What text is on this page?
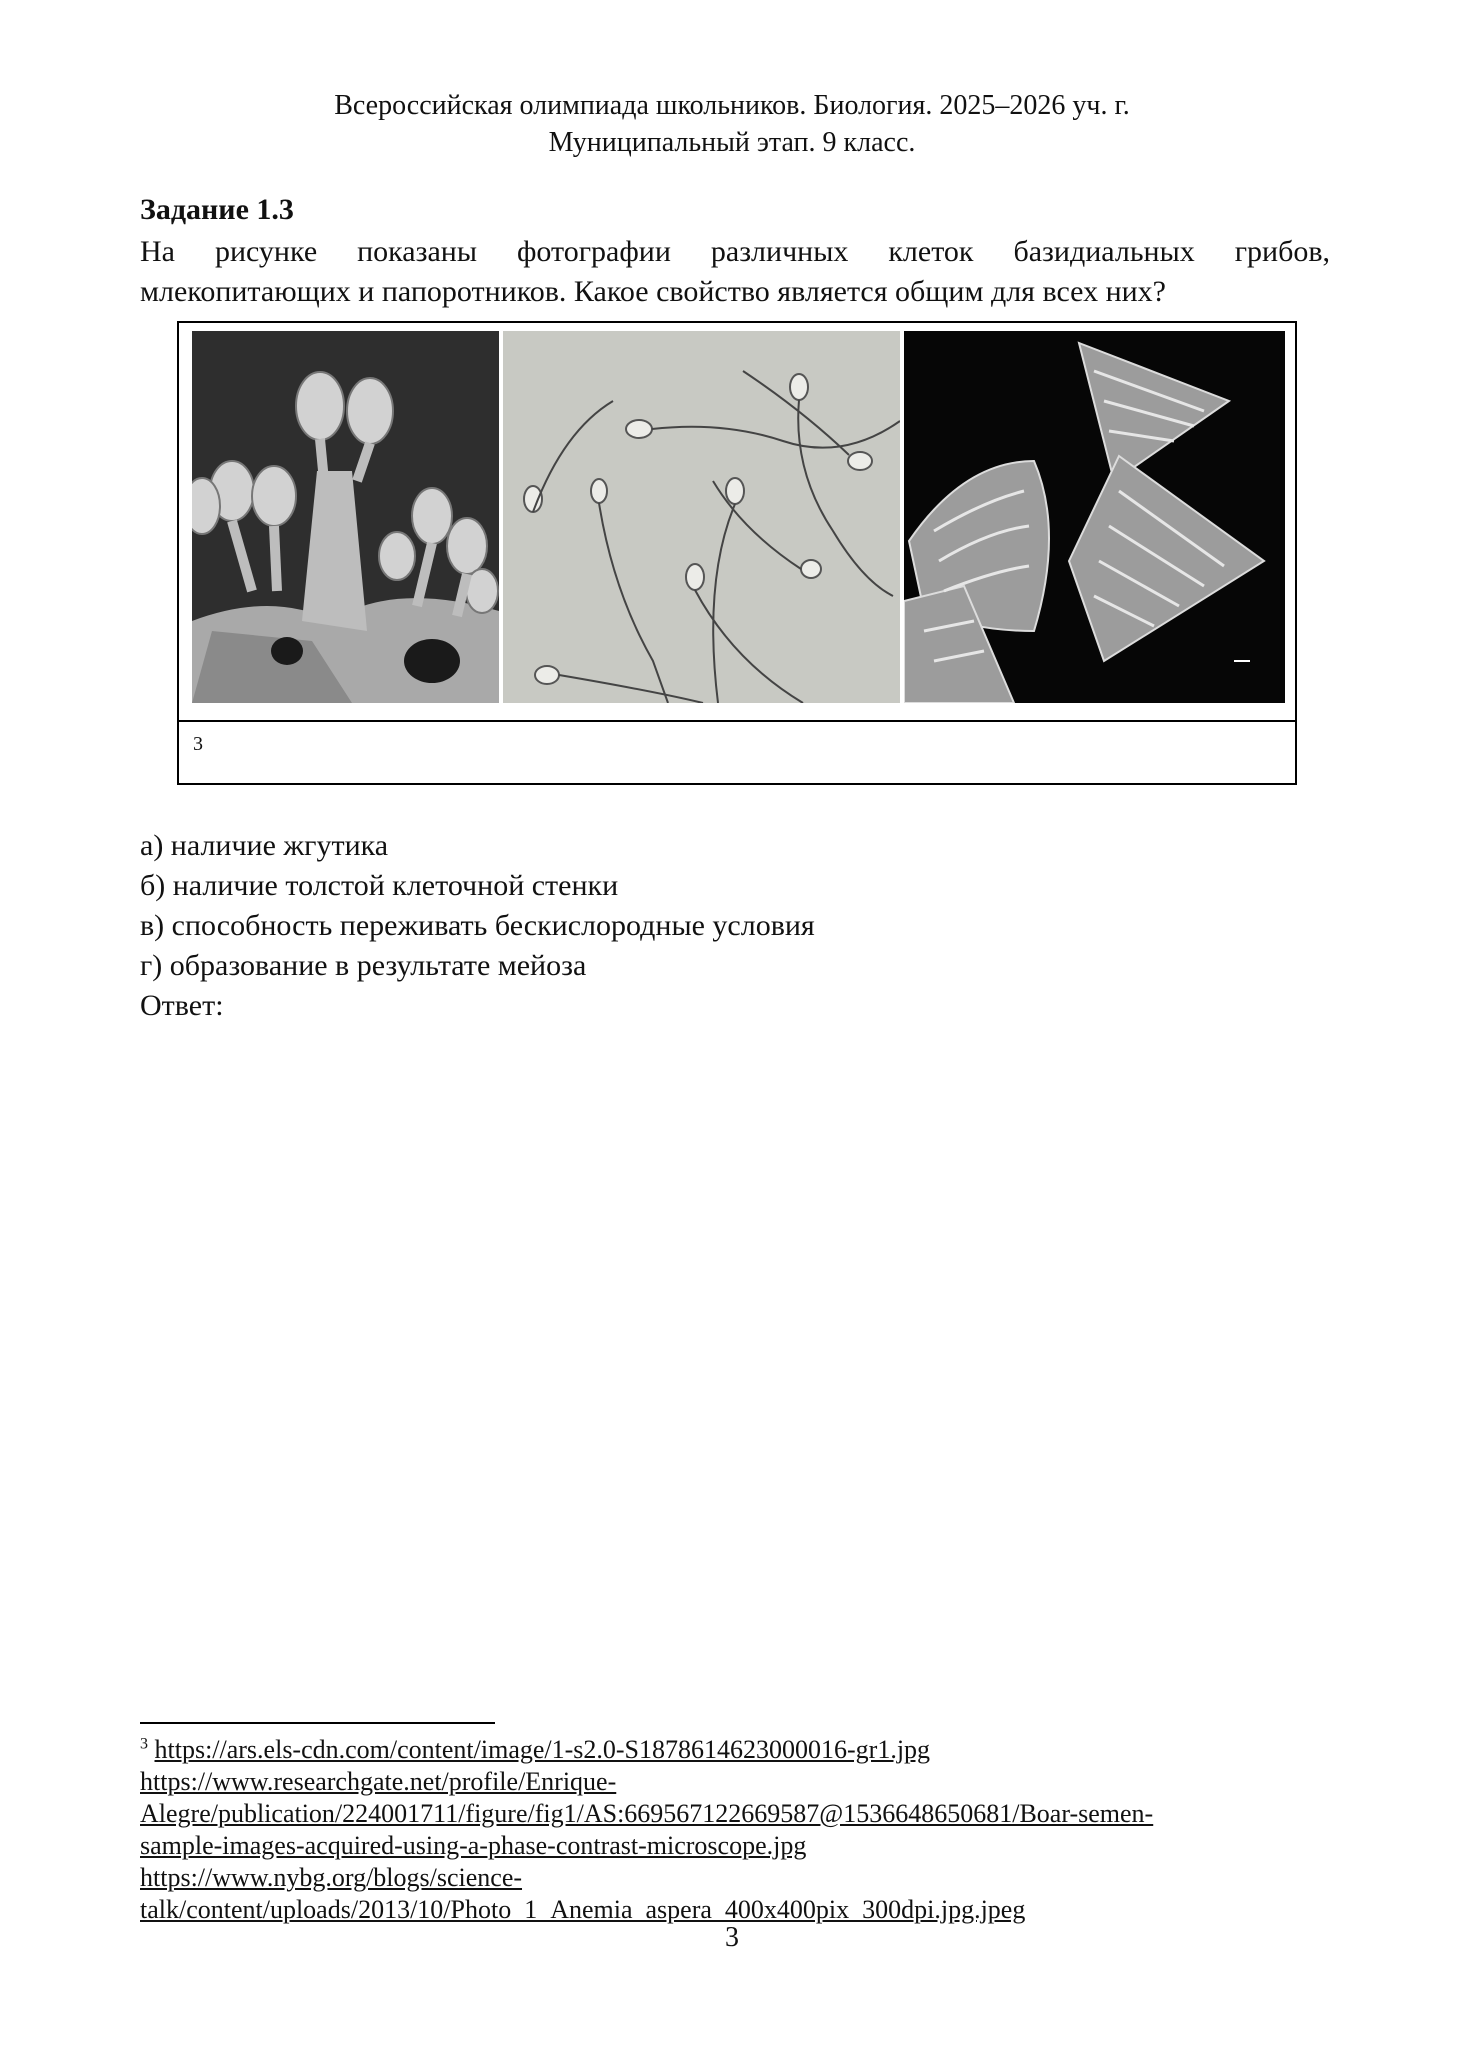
Всероссийская олимпиада школьников. Биология. 2025–2026 уч. г.
Муниципальный этап. 9 класс.
Задание 1.3
На рисунке показаны фотографии различных клеток базидиальных грибов,
млекопитающих и папоротников. Какое свойство является общим для всех них?
3
а) наличие жгутика
б) наличие толстой клеточной стенки
в) способность переживать бескислородные условия
г) образование в результате мейоза
Ответ:
$^3$ https://ars.els-cdn.com/content/image/1-s2.0-S1878614623000016-gr1.jpg
https://www.researchgate.net/profile/Enrique-
Alegre/publication/224001711/figure/fig1/AS:669567122669587@1536648650681/Boar-semen-
sample-images-acquired-using-a-phase-contrast-microscope.jpg
https://www.nybg.org/blogs/science-
talk/content/uploads/2013/10/Photo_1_Anemia_aspera_400x400pix_300dpi.jpg.jpeg
3
